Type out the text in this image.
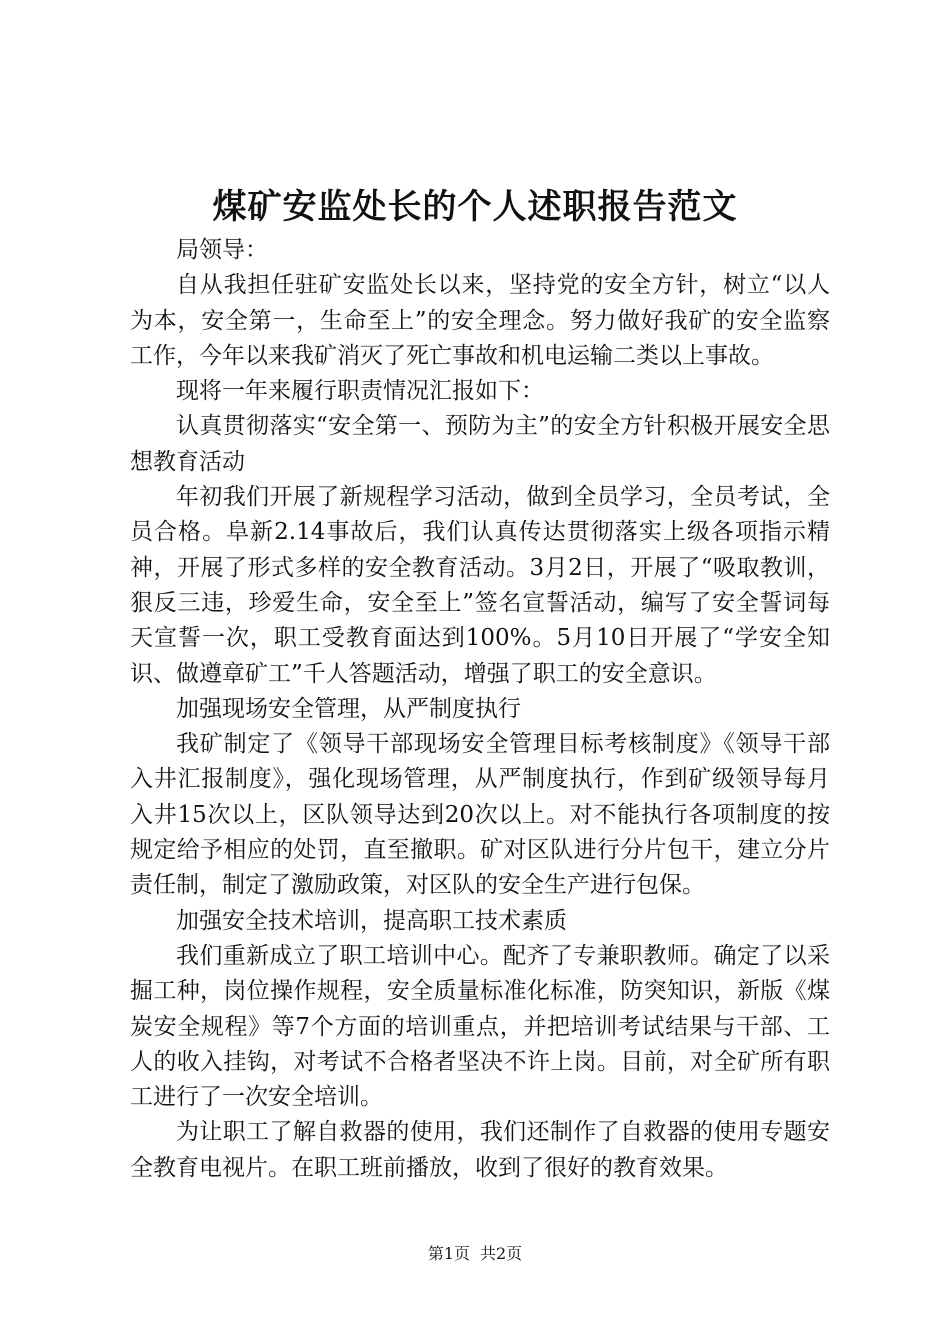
煤矿安监处长的个人述职报告范文

局领导：

自从我担任驻矿安监处长以来，坚持党的安全方针，树立“以人为本，安全第一，生命至上”的安全理念。努力做好我矿的安全监察工作，今年以来我矿消灭了死亡事故和机电运输二类以上事故。

现将一年来履行职责情况汇报如下：

认真贯彻落实“安全第一、预防为主”的安全方针积极开展安全思想教育活动

年初我们开展了新规程学习活动，做到全员学习，全员考试，全员合格。阜新2.14事故后，我们认真传达贯彻落实上级各项指示精神，开展了形式多样的安全教育活动。3月2日，开展了“吸取教训，狠反三违，珍爱生命，安全至上”签名宣誓活动，编写了安全誓词每天宣誓一次，职工受教育面达到100%。5月10日开展了“学安全知识、做遵章矿工”千人答题活动，增强了职工的安全意识。

加强现场安全管理，从严制度执行

我矿制定了《领导干部现场安全管理目标考核制度》《领导干部入井汇报制度》，强化现场管理，从严制度执行，作到矿级领导每月入井15次以上，区队领导达到20次以上。对不能执行各项制度的按规定给予相应的处罚，直至撤职。矿对区队进行分片包干，建立分片责任制，制定了激励政策，对区队的安全生产进行包保。

加强安全技术培训，提高职工技术素质

我们重新成立了职工培训中心。配齐了专兼职教师。确定了以采掘工种，岗位操作规程，安全质量标准化标准，防突知识，新版《煤炭安全规程》等7个方面的培训重点，并把培训考试结果与干部、工人的收入挂钩，对考试不合格者坚决不许上岗。目前，对全矿所有职工进行了一次安全培训。

为让职工了解自救器的使用，我们还制作了自救器的使用专题安全教育电视片。在职工班前播放，收到了很好的教育效果。

第1页 共2页
